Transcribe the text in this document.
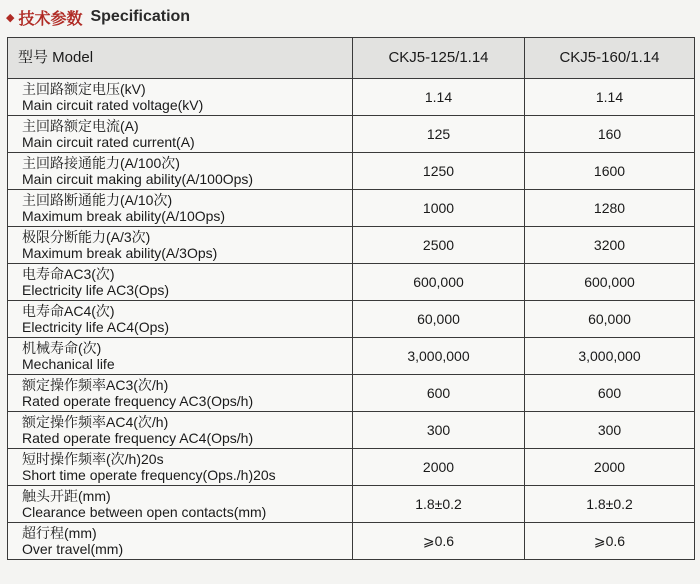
◆ 技术参数 Specification
型号 Model	CKJ5-125/1.14	CKJ5-160/1.14

主回路额定电压(kV)
Main circuit rated voltage(kV)	1.14	1.14

主回路额定电流(A)
Main circuit rated current(A)	125	160

主回路接通能力(A/100次)
Main circuit making ability(A/100Ops)	1250	1600

主回路断通能力(A/10次)
Maximum break ability(A/10Ops)	1000	1280

极限分断能力(A/3次)
Maximum break ability(A/3Ops)	2500	3200

电寿命AC3(次)
Electricity life AC3(Ops)	600,000	600,000

电寿命AC4(次)
Electricity life AC4(Ops)	60,000	60,000

机械寿命(次)
Mechanical life	3,000,000	3,000,000

额定操作频率AC3(次/h)
Rated operate frequency AC3(Ops/h)	600	600

额定操作频率AC4(次/h)
Rated operate frequency AC4(Ops/h)	300	300

短时操作频率(次/h)20s
Short time operate frequency(Ops./h)20s	2000	2000

触头开距(mm)
Clearance between open contacts(mm)	1.8±0.2	1.8±0.2

超行程(mm)
Over travel(mm)	⩾0.6	⩾0.6
